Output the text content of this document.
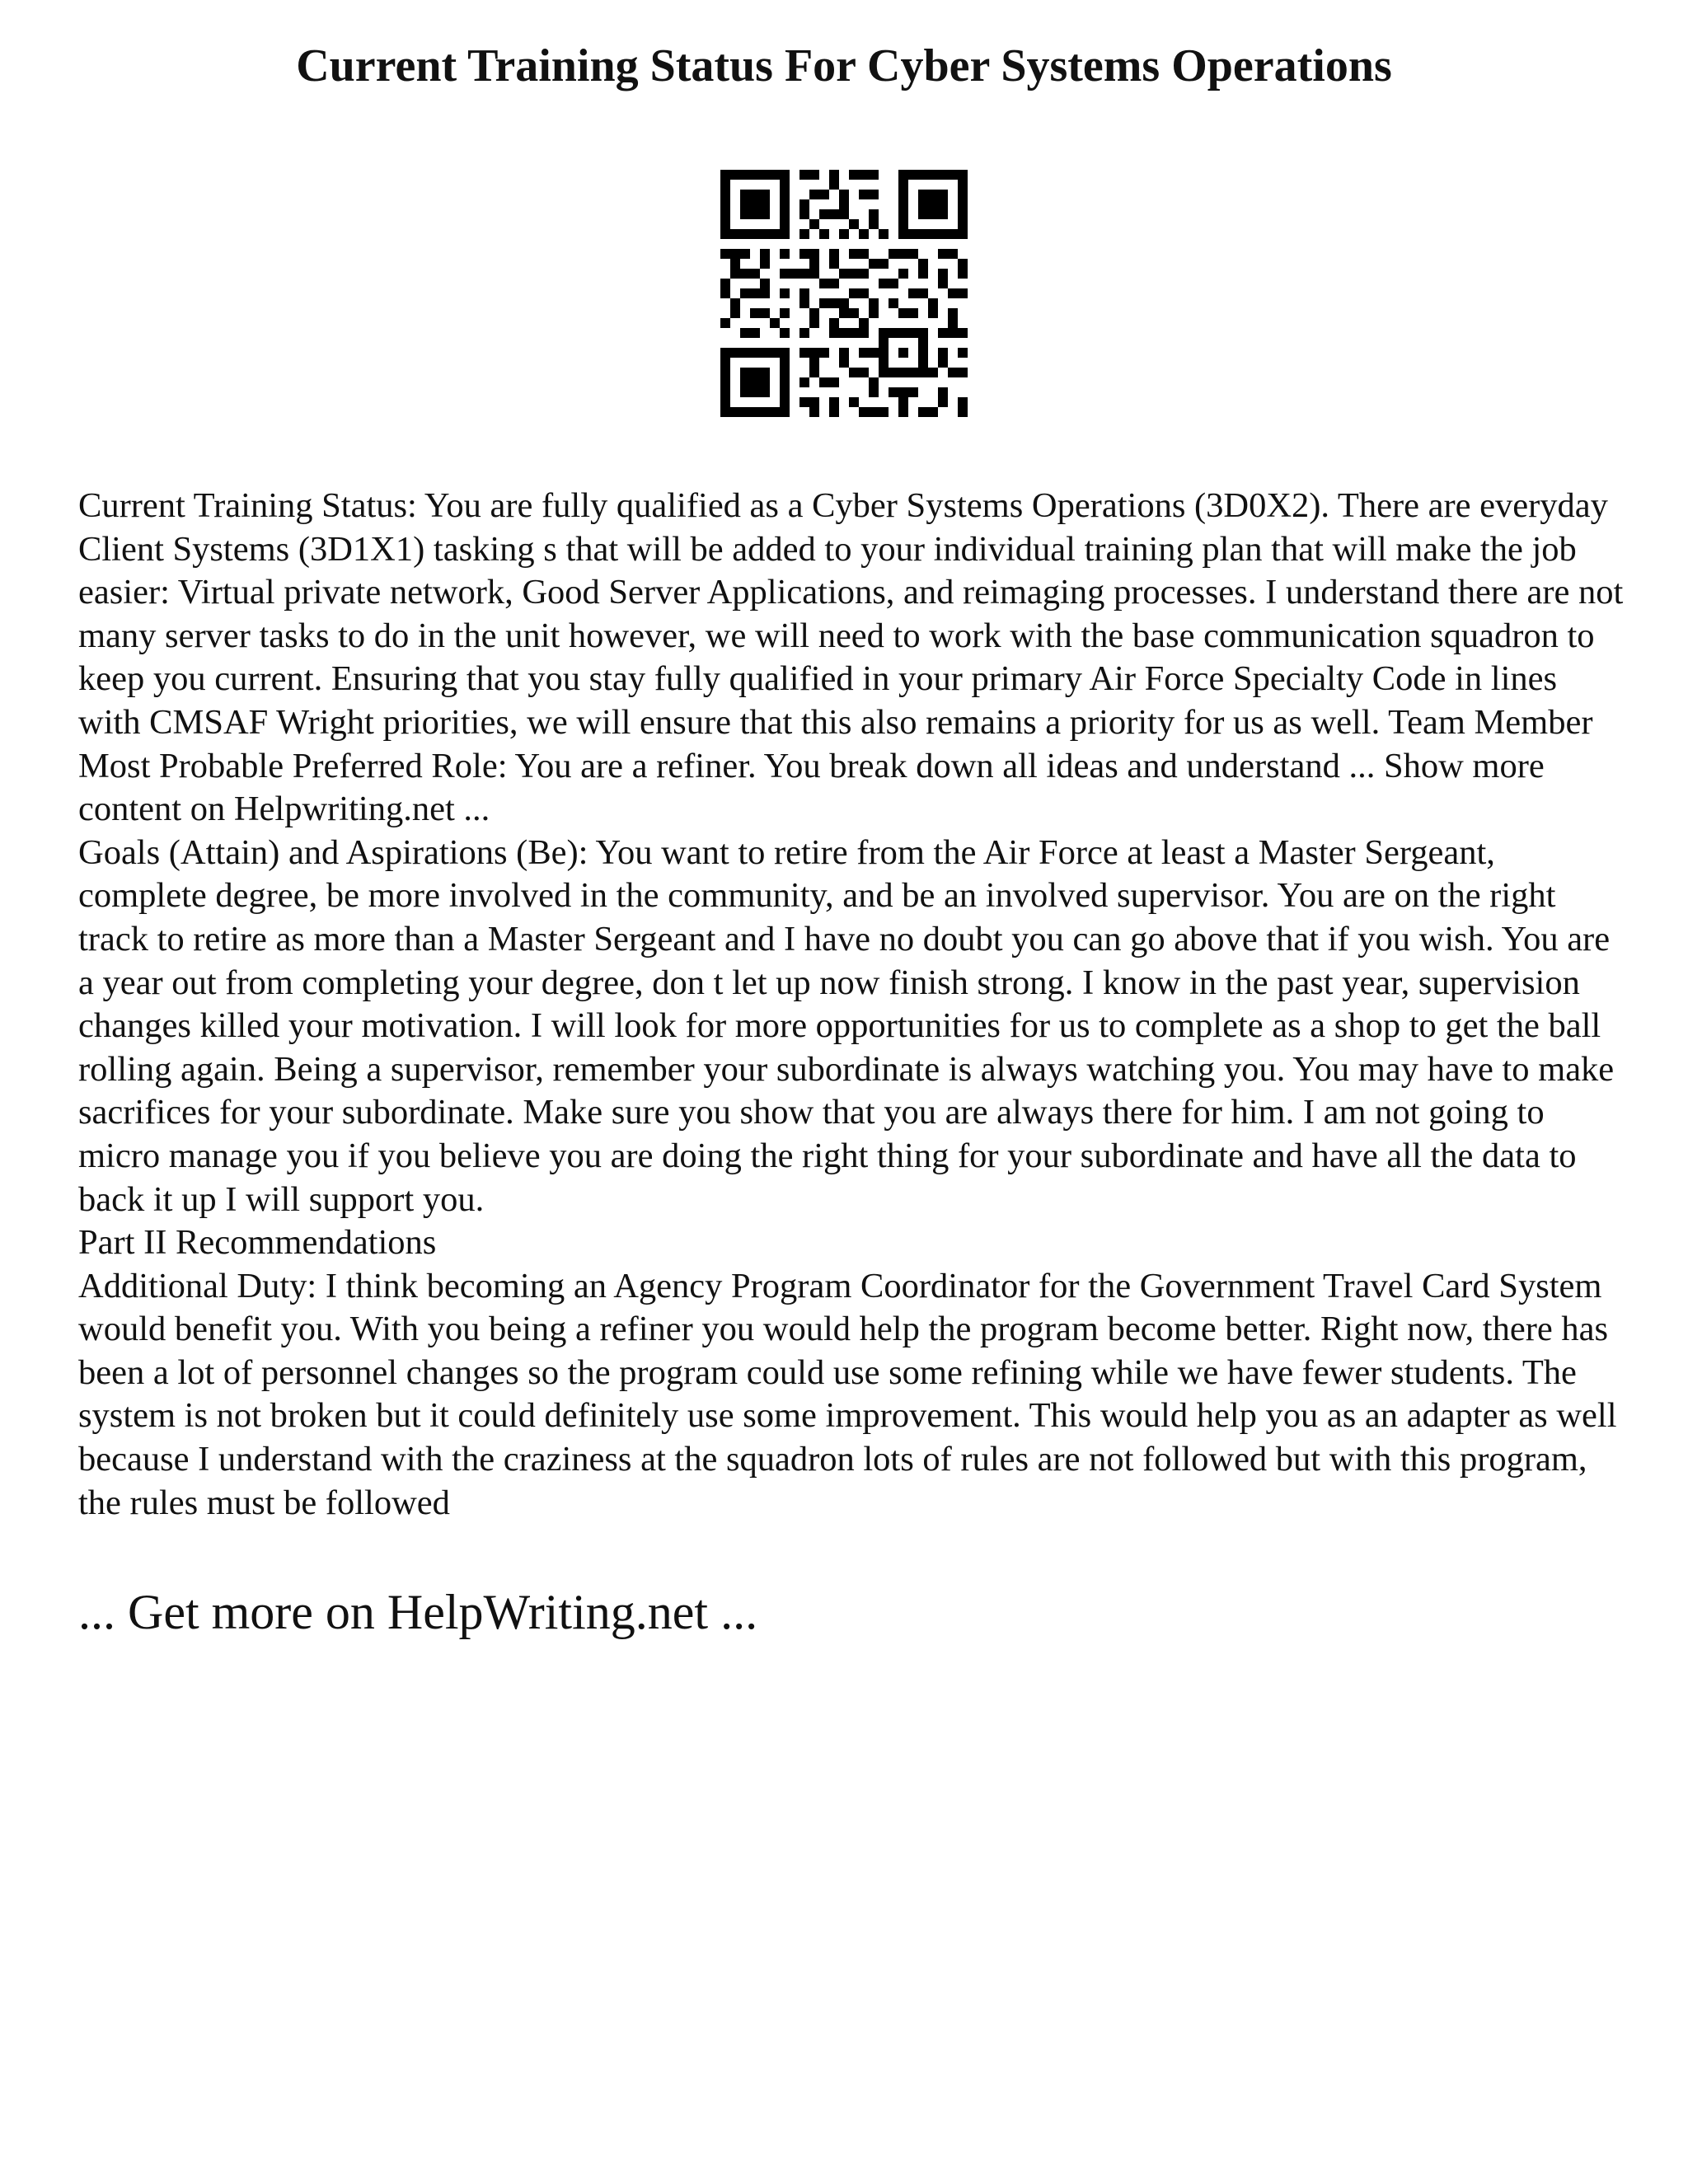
Current Training Status For Cyber Systems Operations

Current Training Status: You are fully qualified as a Cyber Systems Operations (3D0X2). There are everyday Client Systems (3D1X1) tasking s that will be added to your individual training plan that will make the job easier: Virtual private network, Good Server Applications, and reimaging processes. I understand there are not many server tasks to do in the unit however, we will need to work with the base communication squadron to keep you current. Ensuring that you stay fully qualified in your primary Air Force Specialty Code in lines with CMSAF Wright priorities, we will ensure that this also remains a priority for us as well. Team Member Most Probable Preferred Role: You are a refiner. You break down all ideas and understand ... Show more content on Helpwriting.net ...

Goals (Attain) and Aspirations (Be): You want to retire from the Air Force at least a Master Sergeant, complete degree, be more involved in the community, and be an involved supervisor. You are on the right track to retire as more than a Master Sergeant and I have no doubt you can go above that if you wish. You are a year out from completing your degree, don t let up now finish strong. I know in the past year, supervision changes killed your motivation. I will look for more opportunities for us to complete as a shop to get the ball rolling again. Being a supervisor, remember your subordinate is always watching you. You may have to make sacrifices for your subordinate. Make sure you show that you are always there for him. I am not going to micro manage you if you believe you are doing the right thing for your subordinate and have all the data to back it up I will support you.

Part II Recommendations

Additional Duty: I think becoming an Agency Program Coordinator for the Government Travel Card System would benefit you. With you being a refiner you would help the program become better. Right now, there has been a lot of personnel changes so the program could use some refining while we have fewer students. The system is not broken but it could definitely use some improvement. This would help you as an adapter as well because I understand with the craziness at the squadron lots of rules are not followed but with this program, the rules must be followed

... Get more on HelpWriting.net ...
